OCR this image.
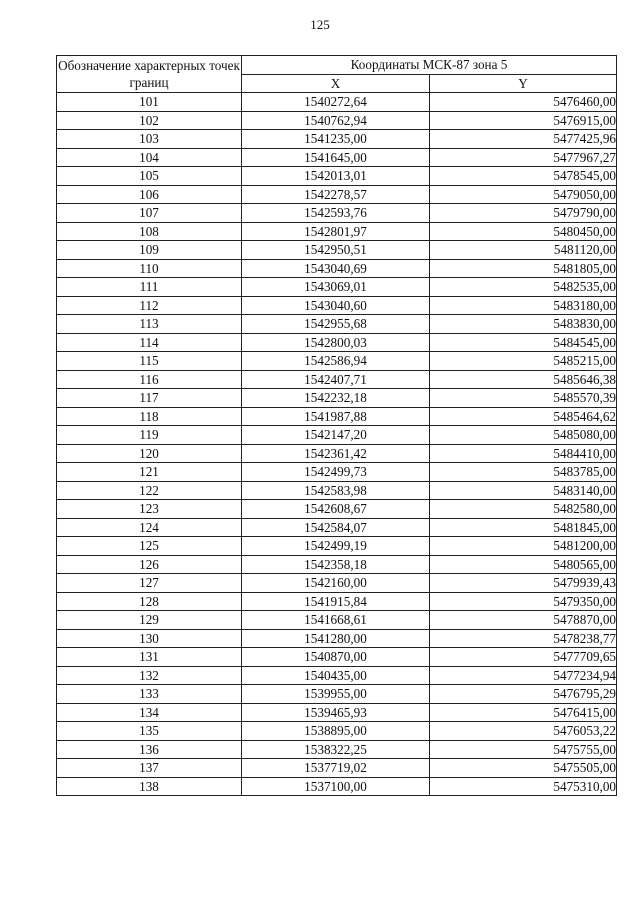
125
Обозначение характерных точек границ	Координаты МСК-87 зона 5	
	X	Y
101	1540272,64	5476460,00
102	1540762,94	5476915,00
103	1541235,00	5477425,96
104	1541645,00	5477967,27
105	1542013,01	5478545,00
106	1542278,57	5479050,00
107	1542593,76	5479790,00
108	1542801,97	5480450,00
109	1542950,51	5481120,00
110	1543040,69	5481805,00
111	1543069,01	5482535,00
112	1543040,60	5483180,00
113	1542955,68	5483830,00
114	1542800,03	5484545,00
115	1542586,94	5485215,00
116	1542407,71	5485646,38
117	1542232,18	5485570,39
118	1541987,88	5485464,62
119	1542147,20	5485080,00
120	1542361,42	5484410,00
121	1542499,73	5483785,00
122	1542583,98	5483140,00
123	1542608,67	5482580,00
124	1542584,07	5481845,00
125	1542499,19	5481200,00
126	1542358,18	5480565,00
127	1542160,00	5479939,43
128	1541915,84	5479350,00
129	1541668,61	5478870,00
130	1541280,00	5478238,77
131	1540870,00	5477709,65
132	1540435,00	5477234,94
133	1539955,00	5476795,29
134	1539465,93	5476415,00
135	1538895,00	5476053,22
136	1538322,25	5475755,00
137	1537719,02	5475505,00
138	1537100,00	5475310,00
